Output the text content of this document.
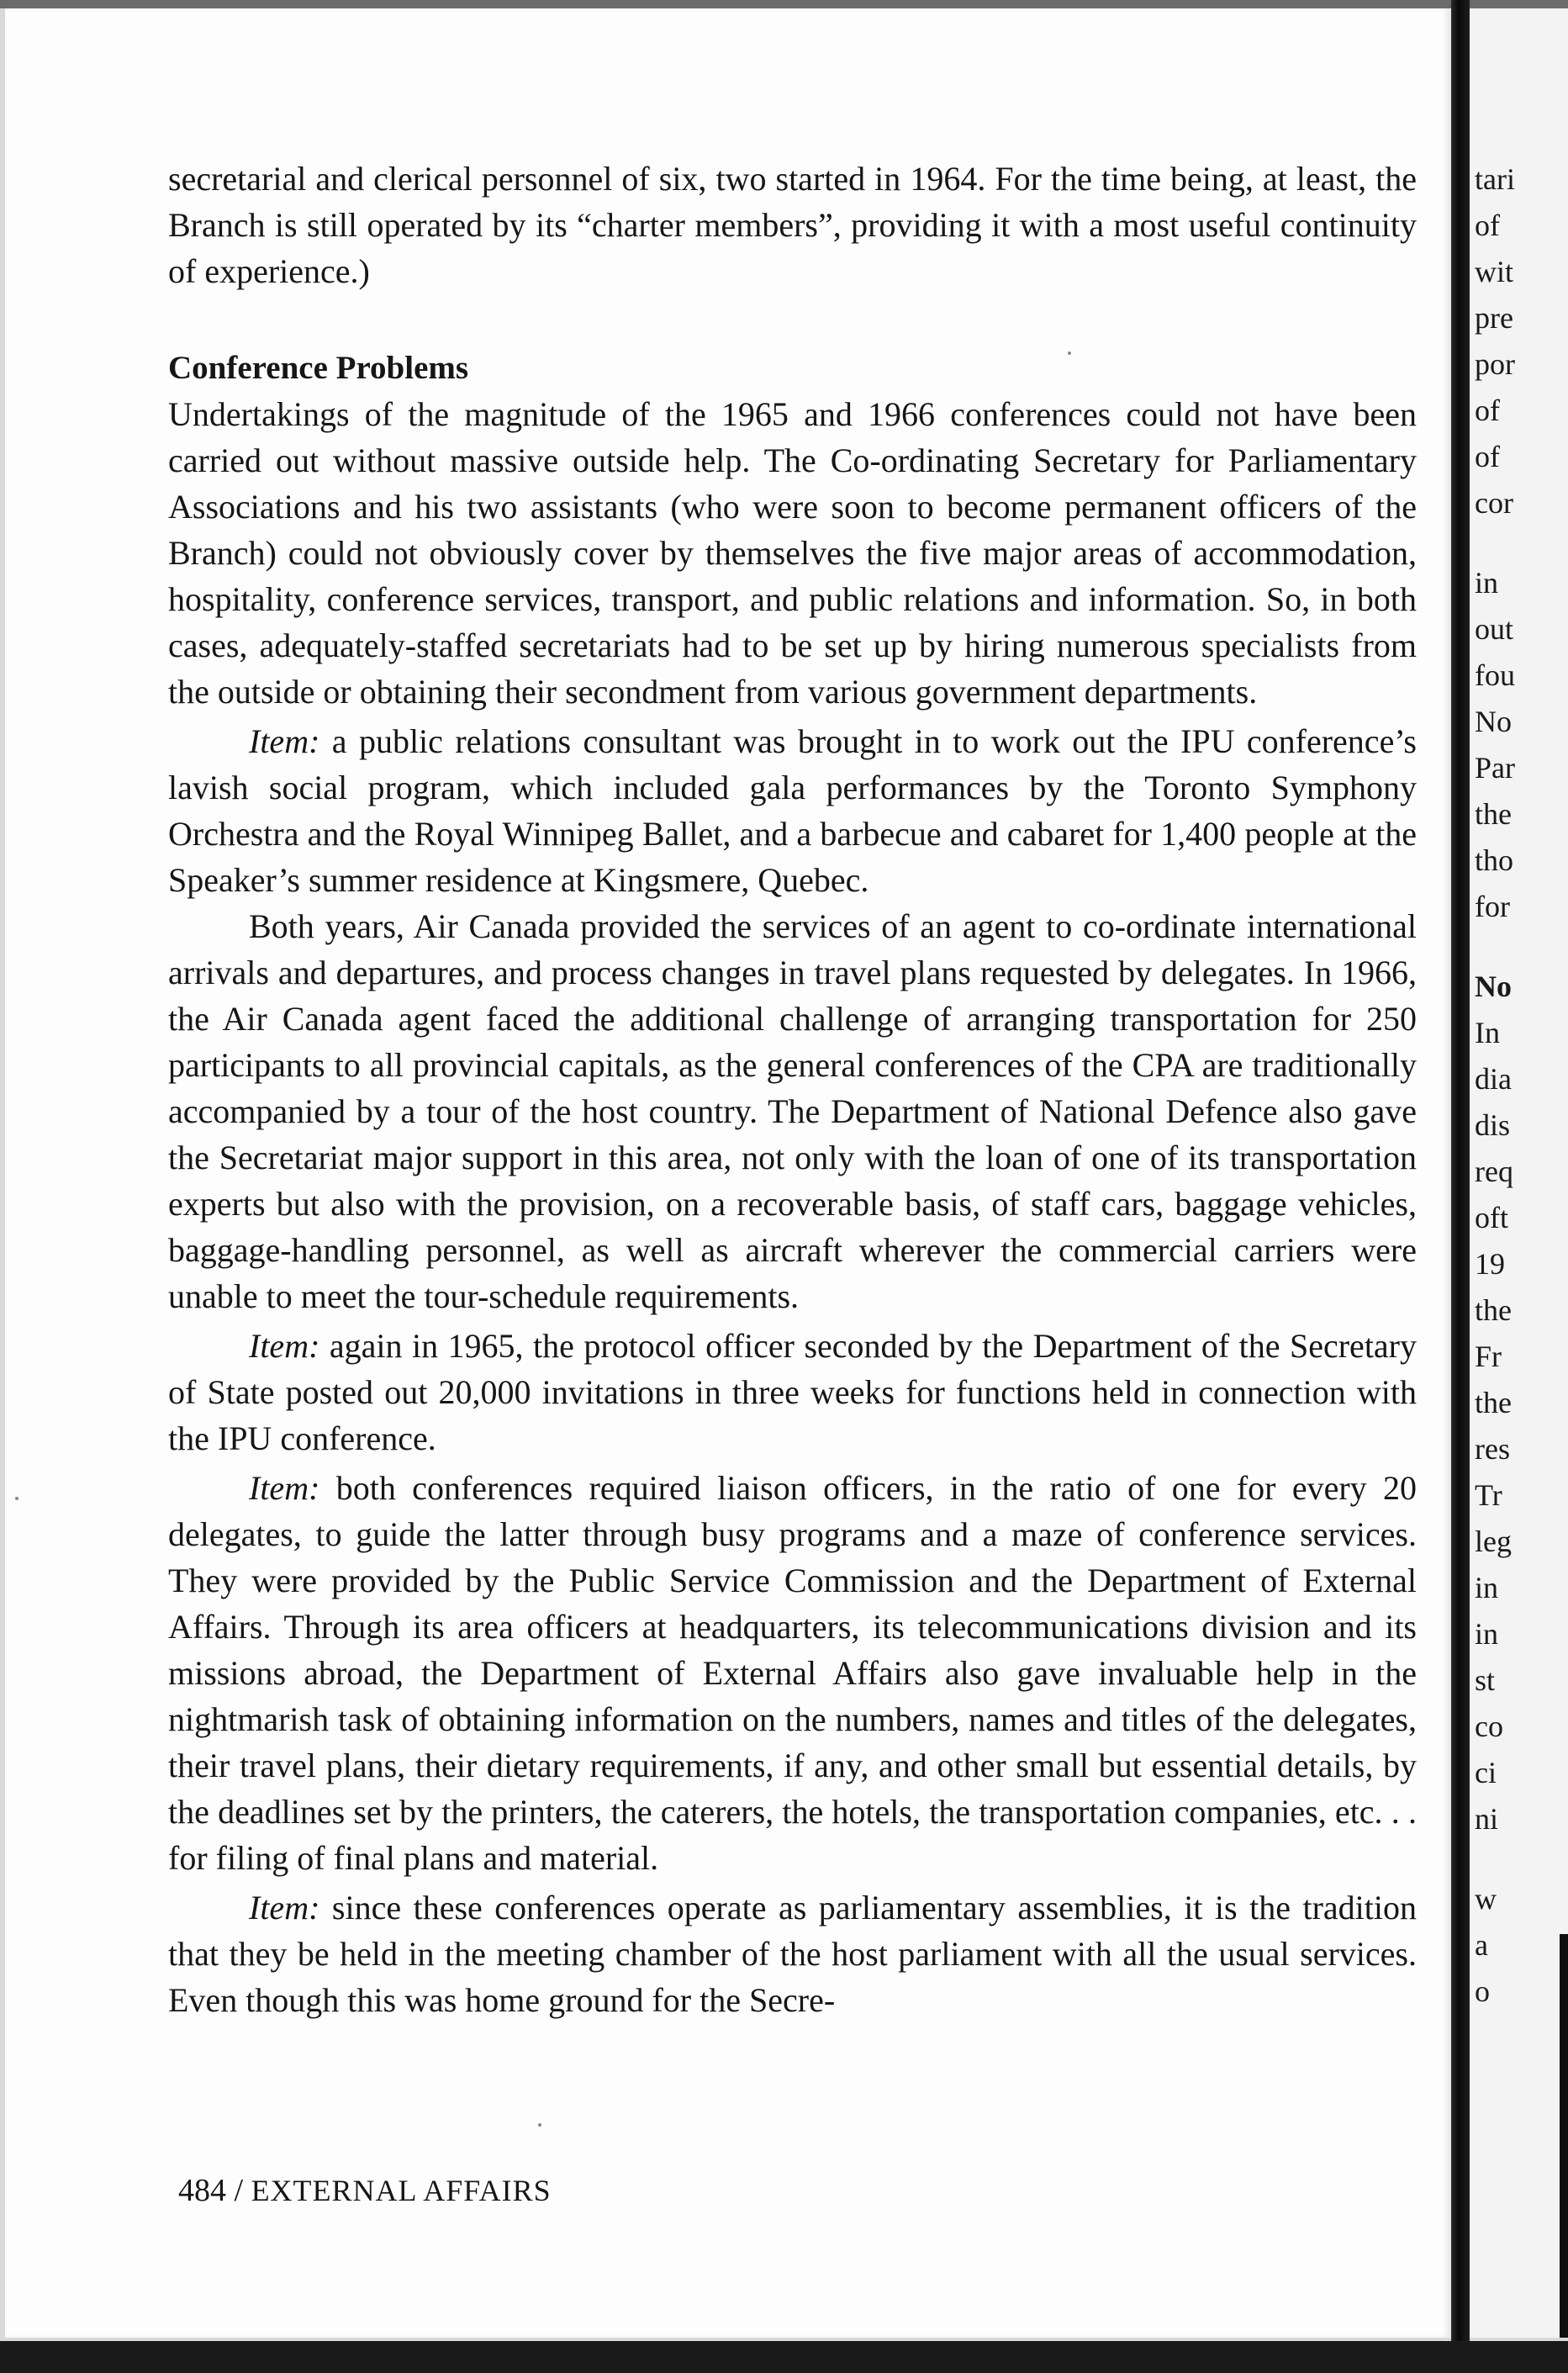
secretarial and clerical personnel of six, two started in 1964. For the time being, at least, the Branch is still operated by its “charter members”, providing it with a most useful continuity of experience.)

Conference Problems

Undertakings of the magnitude of the 1965 and 1966 conferences could not have been carried out without massive outside help. The Co-ordinating Secretary for Parliamentary Associations and his two assistants (who were soon to become permanent officers of the Branch) could not obviously cover by themselves the five major areas of accommodation, hospitality, conference services, transport, and public relations and information. So, in both cases, adequately-staffed secretariats had to be set up by hiring numerous specialists from the outside or obtaining their secondment from various government departments.

Item: a public relations consultant was brought in to work out the IPU conference’s lavish social program, which included gala performances by the Toronto Symphony Orchestra and the Royal Winnipeg Ballet, and a barbecue and cabaret for 1,400 people at the Speaker’s summer residence at Kingsmere, Quebec.

Both years, Air Canada provided the services of an agent to co-ordinate international arrivals and departures, and process changes in travel plans requested by delegates. In 1966, the Air Canada agent faced the additional challenge of arranging transportation for 250 participants to all provincial capitals, as the general conferences of the CPA are traditionally accompanied by a tour of the host country. The Department of National Defence also gave the Secretariat major support in this area, not only with the loan of one of its transportation experts but also with the provision, on a recoverable basis, of staff cars, baggage vehicles, baggage-handling personnel, as well as aircraft wherever the commercial carriers were unable to meet the tour-schedule requirements.

Item: again in 1965, the protocol officer seconded by the Department of the Secretary of State posted out 20,000 invitations in three weeks for functions held in connection with the IPU conference.

Item: both conferences required liaison officers, in the ratio of one for every 20 delegates, to guide the latter through busy programs and a maze of conference services. They were provided by the Public Service Commission and the Department of External Affairs. Through its area officers at headquarters, its telecommunications division and its missions abroad, the Department of External Affairs also gave invaluable help in the nightmarish task of obtaining information on the numbers, names and titles of the delegates, their travel plans, their dietary requirements, if any, and other small but essential details, by the deadlines set by the printers, the caterers, the hotels, the transportation companies, etc. . . for filing of final plans and material.

Item: since these conferences operate as parliamentary assemblies, it is the tradition that they be held in the meeting chamber of the host parliament with all the usual services. Even though this was home ground for the Secre-

484 / EXTERNAL AFFAIRS
tari
of
wit
pre
por
of
of
cor
in
out
fou
No
Par
the
tho
for
No
In
dia
dis
req
oft
19
the
Fr
the
res
Tr
leg
in
in
st
co
ci
ni
w
a
o
